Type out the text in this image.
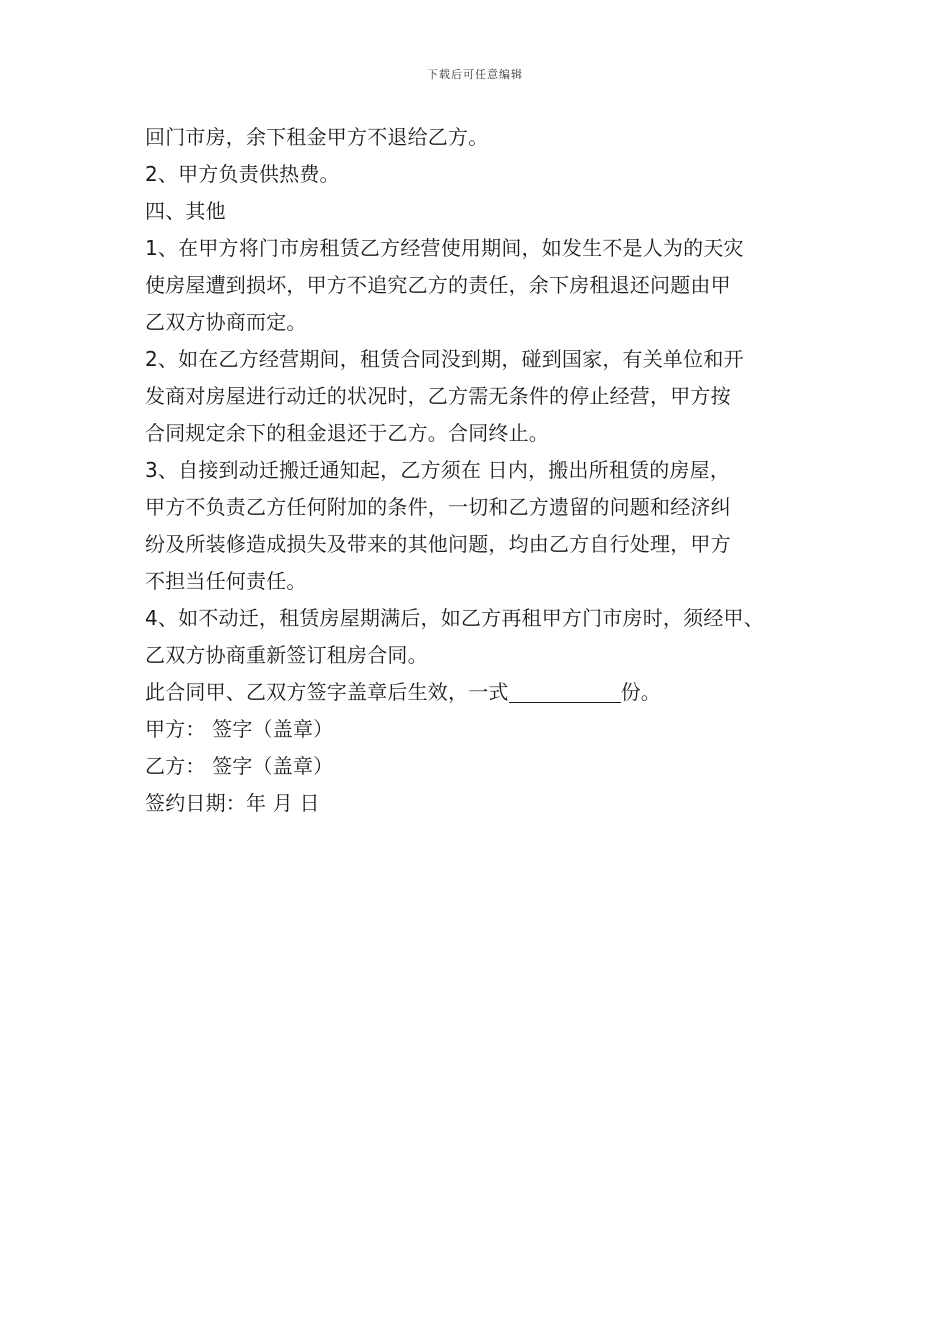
下载后可任意编辑
回门市房，余下租金甲方不退给乙方。
2、甲方负责供热费。
四、其他
1、在甲方将门市房租赁乙方经营使用期间，如发生不是人为的天灾
使房屋遭到损坏，甲方不追究乙方的责任，余下房租退还问题由甲
乙双方协商而定。
2、如在乙方经营期间，租赁合同没到期，碰到国家，有关单位和开
发商对房屋进行动迁的状况时，乙方需无条件的停止经营，甲方按
合同规定余下的租金退还于乙方。合同终止。
3、自接到动迁搬迁通知起，乙方须在 日内，搬出所租赁的房屋，
甲方不负责乙方任何附加的条件，一切和乙方遗留的问题和经济纠
纷及所装修造成损失及带来的其他问题，均由乙方自行处理，甲方
不担当任何责任。
4、如不动迁，租赁房屋期满后，如乙方再租甲方门市房时，须经甲、
乙双方协商重新签订租房合同。
此合同甲、乙双方签字盖章后生效，一式	份。
甲方： 签字（盖章）
乙方： 签字（盖章）
签约日期：年 月 日
